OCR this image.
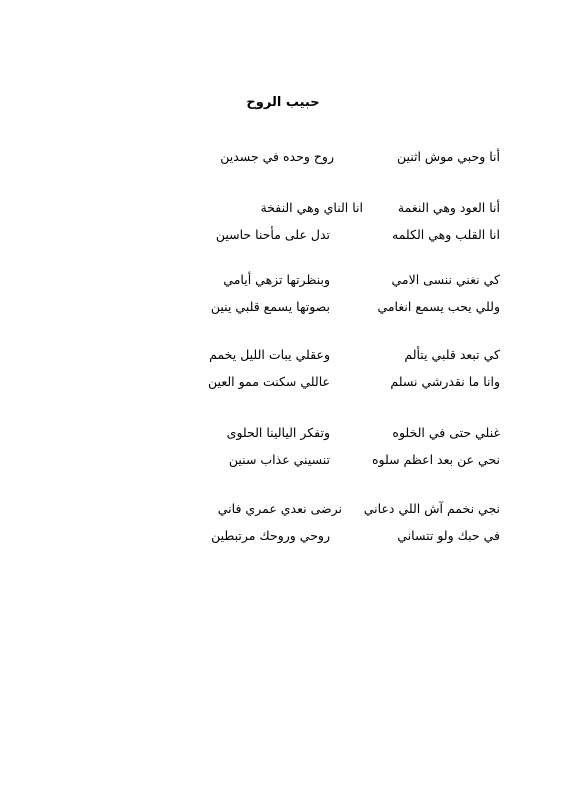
حبيب الروح
أنا وحبي موش اثنين
روح وحده في جسدين
أنا العود وهي النغمة
انا الناي وهي النفخة
انا القلب وهي الكلمه
تدل على مأحنا حاسين
كي نغني ننسى الامي
وبنظرتها تزهي أيامي
وللي يحب يسمع انغامي
بصوتها يسمع قلبي ينين
كي تبعد قلبي يتألم
وعقلي يبات الليل يخمم
وانا ما نقدرشي نسلم
عاللي سكنت ممو العين
غنلي حتى في الخلوه
وتفكر اليالينا الحلوى
نحي عن بعد اعظم سلوه
تنسيني عذاب سنين
نجي نخمم آش اللي دعاني
نرضى نعدي عمري فاني
في حبك ولو تتساني
روحي وروحك مرتبطين
